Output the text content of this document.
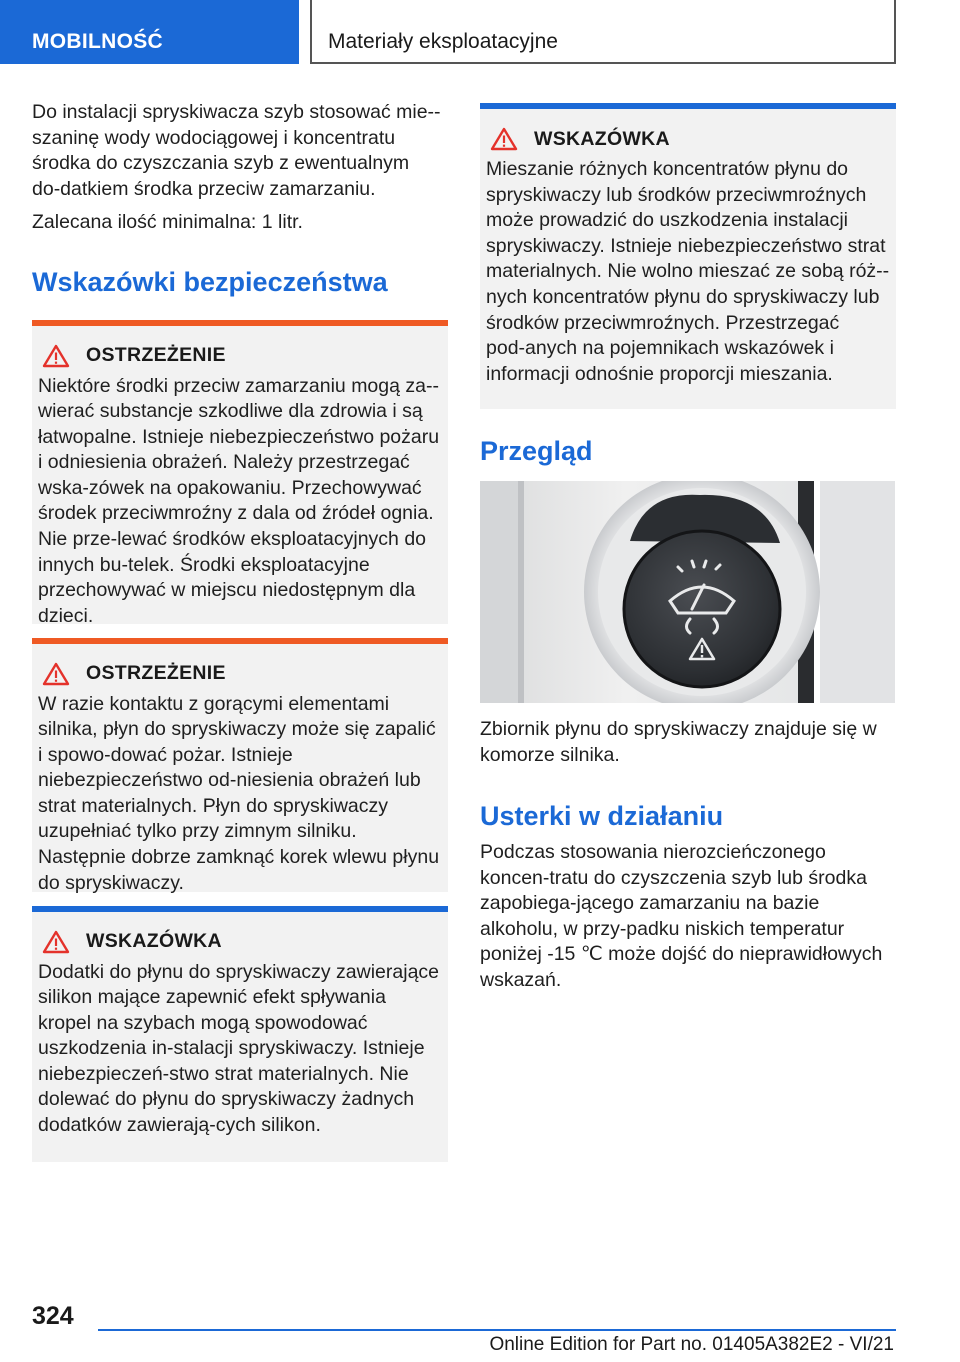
MOBILNOŚĆ	Materiały eksploatacyjne

Do instalacji spryskiwacza szyb stosować mie-szaninę wody wodociągowej i koncentratu środka do czyszczania szyb z ewentualnym do-datkiem środka przeciw zamarzaniu.

Zalecana ilość minimalna: 1 litr.

Wskazówki bezpieczeństwa
OSTRZEŻENIE

Niektóre środki przeciw zamarzaniu mogą za-wierać substancje szkodliwe dla zdrowia i są łatwopalne. Istnieje niebezpieczeństwo pożaru i odniesienia obrażeń. Należy przestrzegać wska-zówek na opakowaniu. Przechowywać środek przeciwmroźny z dala od źródeł ognia. Nie prze-lewać środków eksploatacyjnych do innych bu-telek. Środki eksploatacyjne przechowywać w miejscu niedostępnym dla dzieci.

OSTRZEŻENIE

W razie kontaktu z gorącymi elementami silnika, płyn do spryskiwaczy może się zapalić i spowo-dować pożar. Istnieje niebezpieczeństwo od-niesienia obrażeń lub strat materialnych. Płyn do spryskiwaczy uzupełniać tylko przy zimnym silniku. Następnie dobrze zamknąć korek wlewu płynu do spryskiwaczy.

WSKAZÓWKA

Dodatki do płynu do spryskiwaczy zawierające silikon mające zapewnić efekt spływania kropel na szybach mogą spowodować uszkodzenia in-stalacji spryskiwaczy. Istnieje niebezpieczeń-stwo strat materialnych. Nie dolewać do płynu do spryskiwaczy żadnych dodatków zawierają-cych silikon.

WSKAZÓWKA

Mieszanie różnych koncentratów płynu do spryskiwaczy lub środków przeciwmroźnych może prowadzić do uszkodzenia instalacji spryskiwaczy. Istnieje niebezpieczeństwo strat materialnych. Nie wolno mieszać ze sobą róż-nych koncentratów płynu do spryskiwaczy lub środków przeciwmroźnych. Przestrzegać pod-anych na pojemnikach wskazówek i informacji odnośnie proporcji mieszania.

Przegląd

Zbiornik płynu do spryskiwaczy znajduje się w komorze silnika.

Usterki w działaniu

Podczas stosowania nierozcieńczonego koncen-tratu do czyszczenia szyb lub środka zapobiega-jącego zamarzaniu na bazie alkoholu, w przy-padku niskich temperatur poniżej -15 ℃ może dojść do nieprawidłowych wskazań.

324
Online Edition for Part no. 01405A382E2 - VI/21
